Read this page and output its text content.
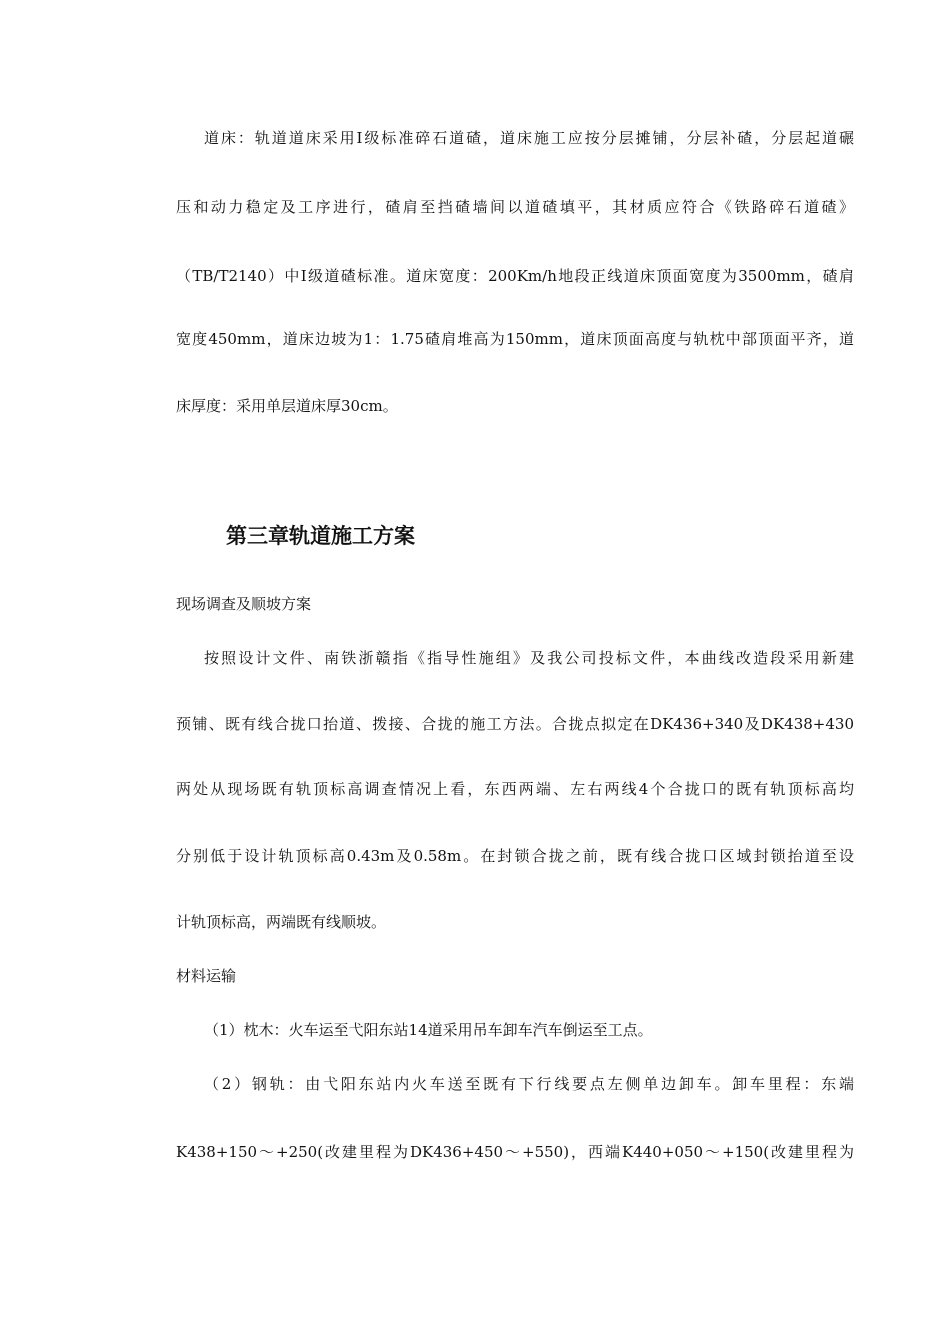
道床：轨道道床采用Ⅰ级标准碎石道碴，道床施工应按分层摊铺，分层补碴，分层起道碾
压和动力稳定及工序进行，碴肩至挡碴墙间以道碴填平，其材质应符合《铁路碎石道碴》
（TB/T2140）中Ⅰ级道碴标准。道床宽度：200Km/h地段正线道床顶面宽度为3500mm，碴肩
宽度450mm，道床边坡为1：1.75碴肩堆高为150mm，道床顶面高度与轨枕中部顶面平齐，道
床厚度：采用单层道床厚30cm。
第三章轨道施工方案
现场调查及顺坡方案
按照设计文件、南铁浙赣指《指导性施组》及我公司投标文件，本曲线改造段采用新建
预铺、既有线合拢口抬道、拨接、合拢的施工方法。合拢点拟定在DK436+340及DK438+430
两处从现场既有轨顶标高调查情况上看，东西两端、左右两线4个合拢口的既有轨顶标高均
分别低于设计轨顶标高0.43m及0.58m。在封锁合拢之前，既有线合拢口区域封锁抬道至设
计轨顶标高，两端既有线顺坡。
材料运输
（1）枕木：火车运至弋阳东站14道采用吊车卸车汽车倒运至工点。
（2）钢轨：由弋阳东站内火车送至既有下行线要点左侧单边卸车。卸车里程：东端
K438+150～+250(改建里程为DK436+450～+550)，西端K440+050～+150(改建里程为
